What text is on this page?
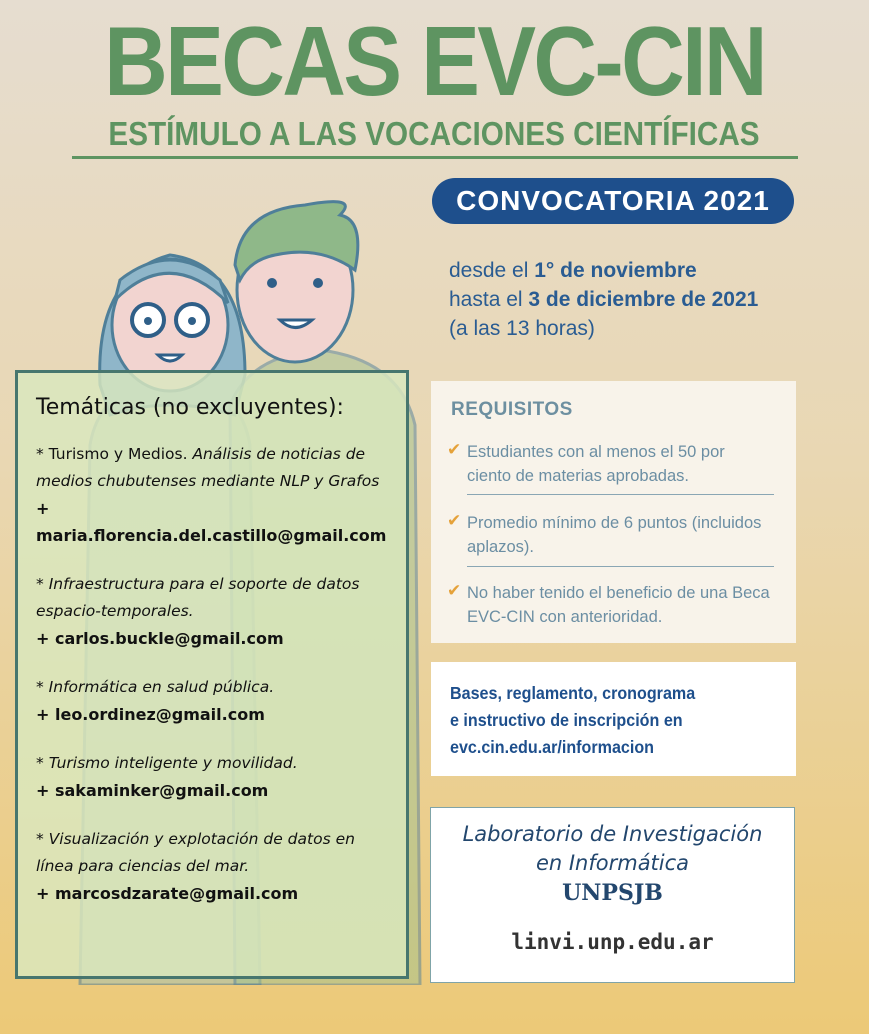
BECAS EVC-CIN
ESTÍMULO A LAS VOCACIONES CIENTÍFICAS
CONVOCATORIA 2021
desde el 1° de noviembre
hasta el 3 de diciembre de 2021
(a las 13 horas)
Temáticas (no excluyentes):
* Turismo y Medios. Análisis de noticias de
medios chubutenses mediante NLP y Grafos
+ maria.florencia.del.castillo@gmail.com
* Infraestructura para el soporte de datos
espacio-temporales.
+ carlos.buckle@gmail.com
* Informática en salud pública.
+ leo.ordinez@gmail.com
* Turismo inteligente y movilidad.
+ sakaminker@gmail.com
* Visualización y explotación de datos en
línea para ciencias del mar.
+ marcosdzarate@gmail.com
REQUISITOS
✔ Estudiantes con al menos el 50 por
ciento de materias aprobadas.
✔ Promedio mínimo de 6 puntos (incluidos
aplazos).
✔ No haber tenido el beneficio de una Beca
EVC-CIN con anterioridad.
Bases, reglamento, cronograma
e instructivo de inscripción en
evc.cin.edu.ar/informacion
Laboratorio de Investigación
en Informática
UNPSJB
linvi.unp.edu.ar
